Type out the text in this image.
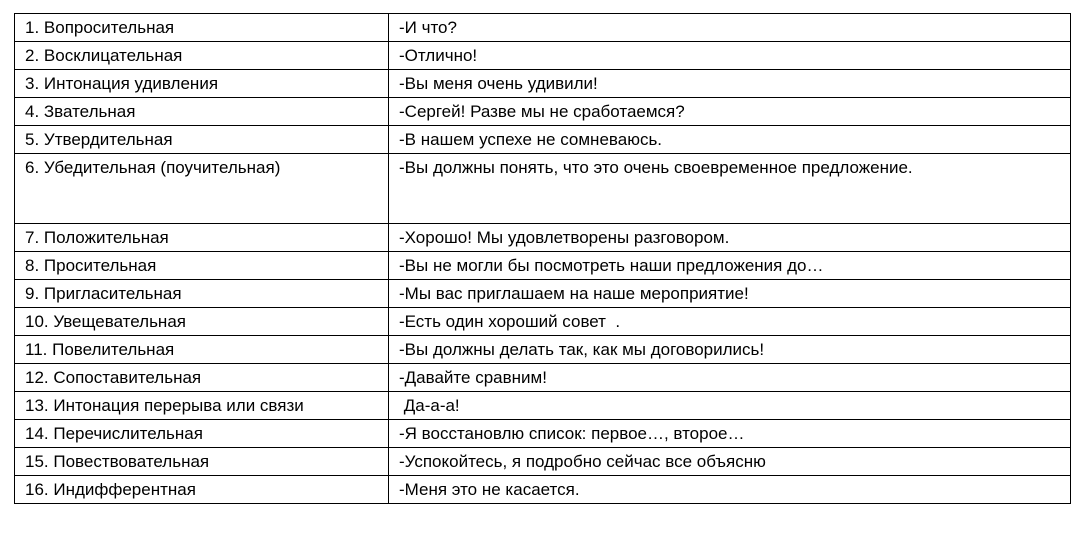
1. Вопросительная	-И что?
2. Восклицательная	-Отлично!
3. Интонация удивления	-Вы меня очень удивили!
4. Звательная	-Сергей! Разве мы не сработаемся?
5. Утвердительная	-В нашем успехе не сомневаюсь.
6. Убедительная (поучительная)	-Вы должны понять, что это очень своевременное предложение.
7. Положительная	-Хорошо! Мы удовлетворены разговором.
8. Просительная	-Вы не могли бы посмотреть наши предложения до…
9. Пригласительная	-Мы вас приглашаем на наше мероприятие!
10. Увещевательная	-Есть один хороший совет  .
11. Повелительная	-Вы должны делать так, как мы договорились!
12. Сопоставительная	-Давайте сравним!
13. Интонация перерыва или связи	Да-а-а!
14. Перечислительная	-Я восстановлю список: первое…, второе…
15. Повествовательная	-Успокойтесь, я подробно сейчас все объясню
16. Индифферентная	-Меня это не касается.
